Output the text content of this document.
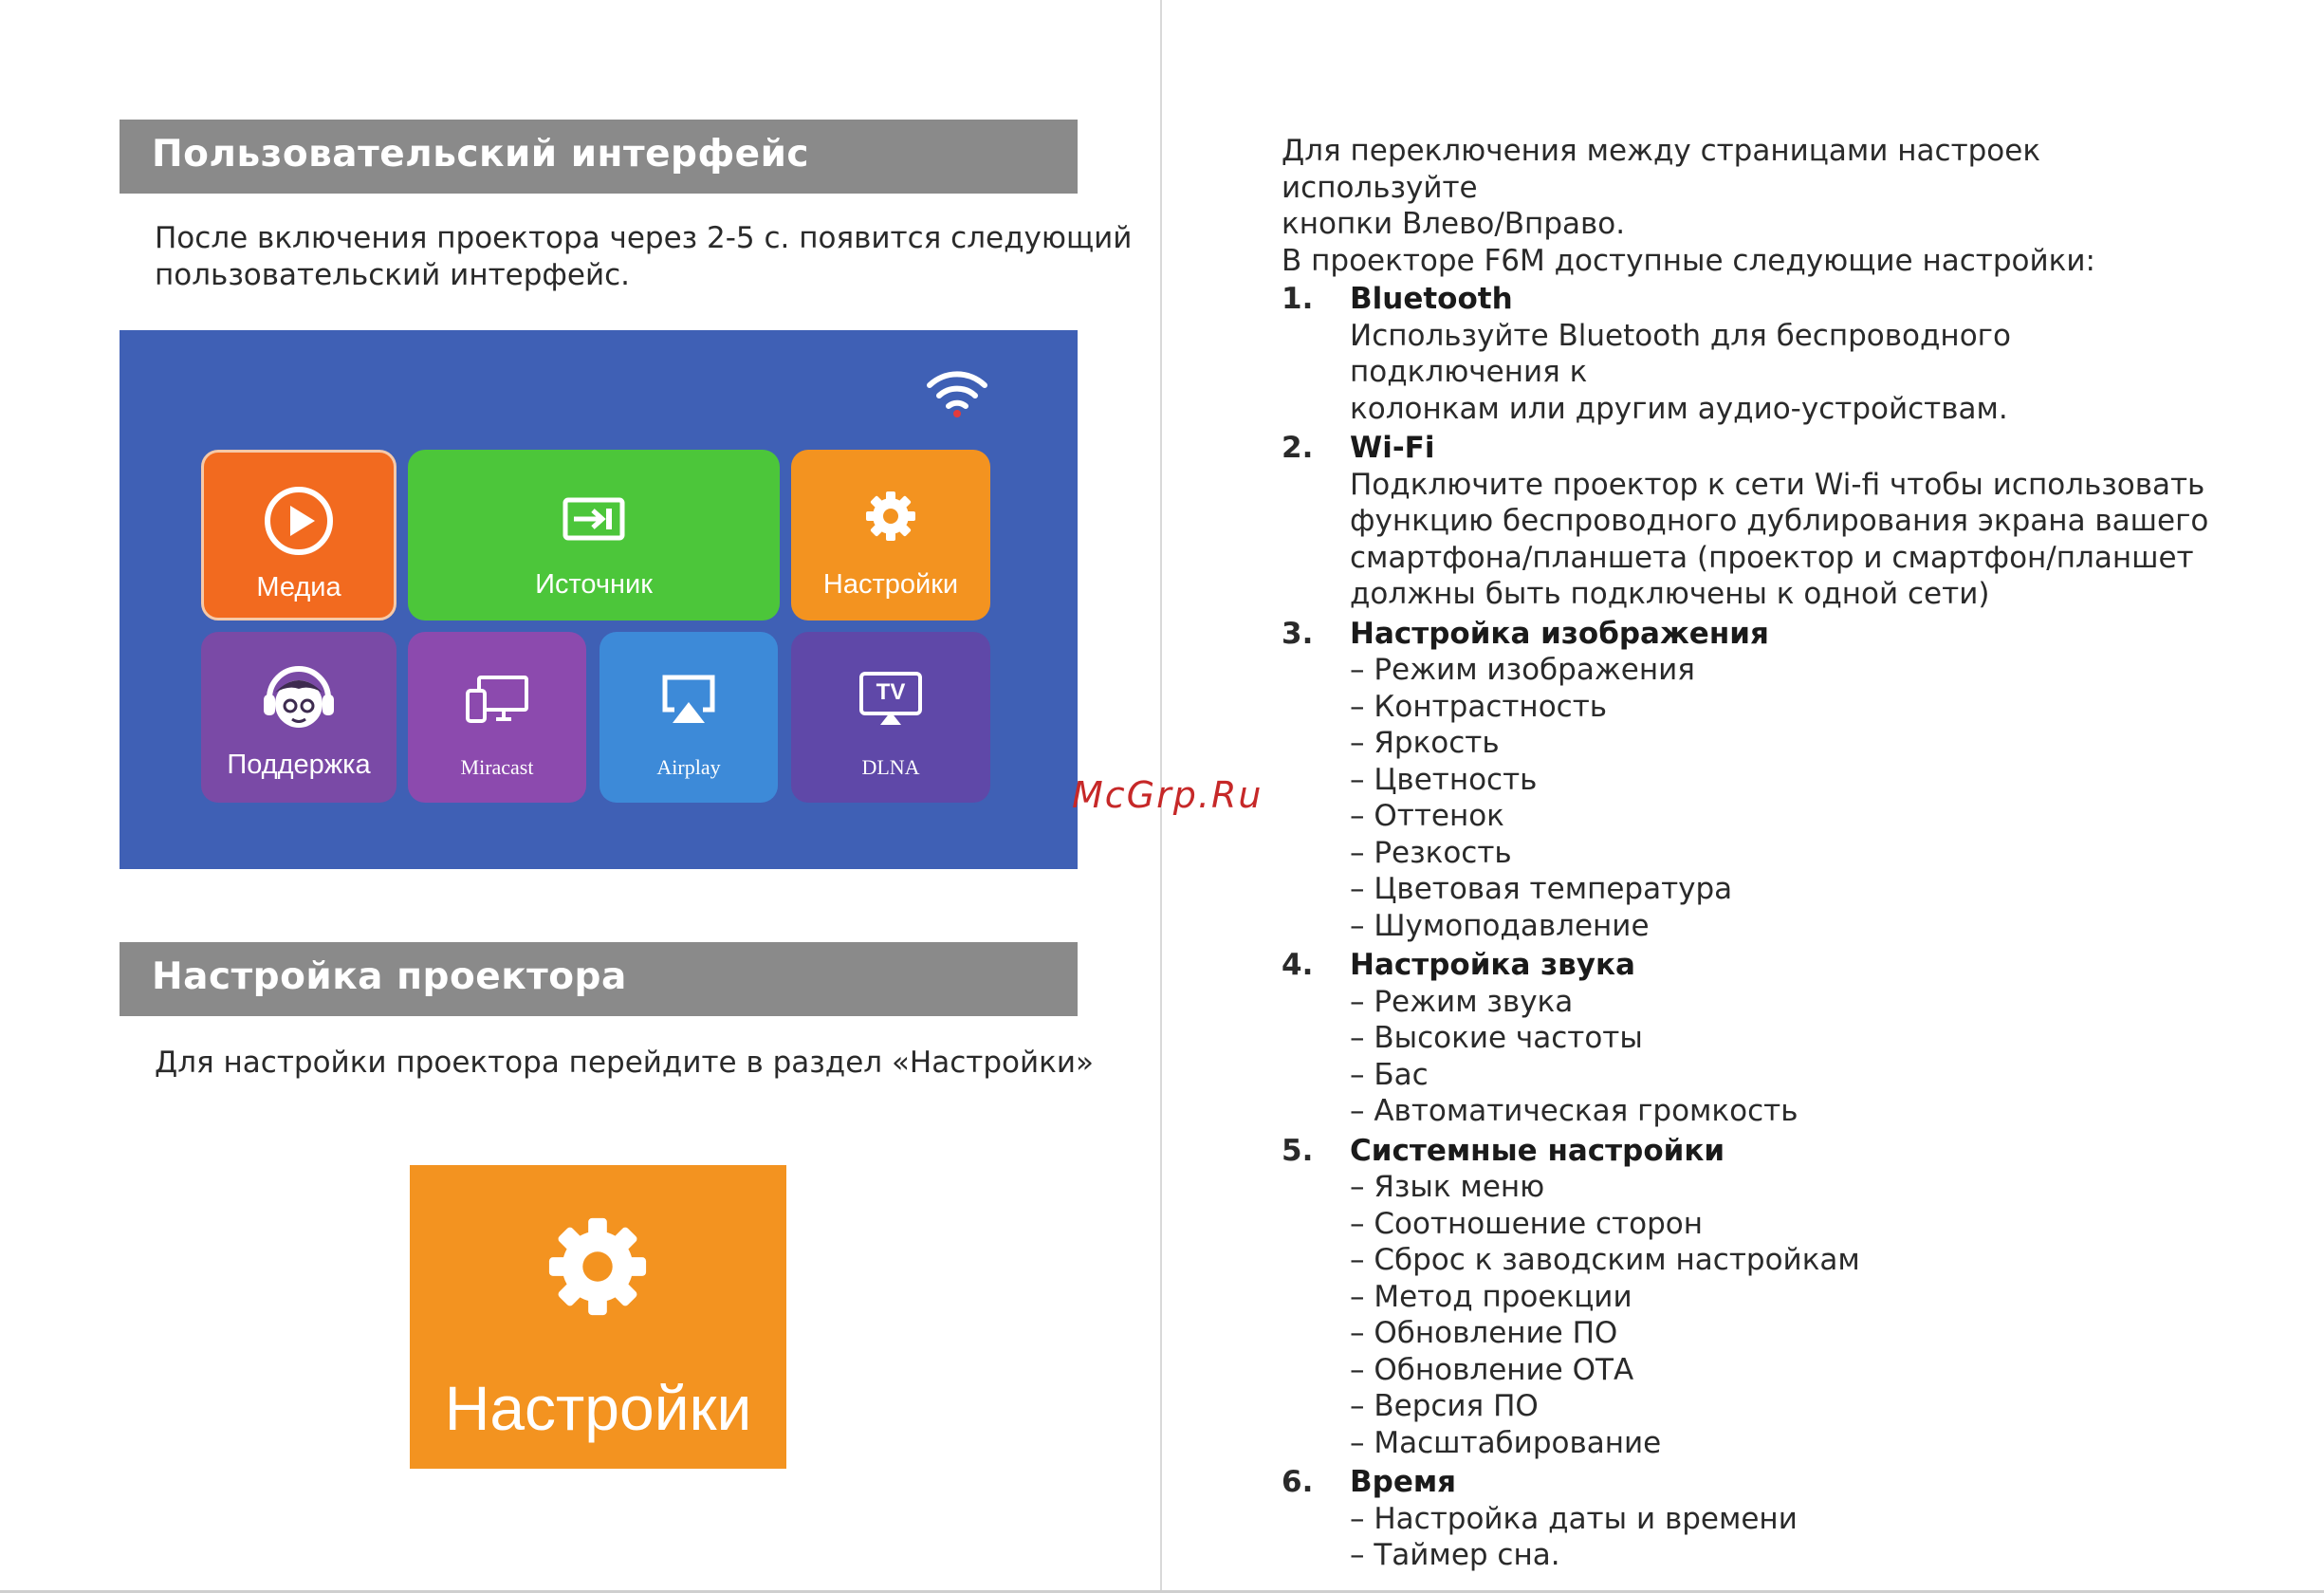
Пользовательский интерфейс

После включения проектора через 2-5 с. появится следующий
пользовательский интерфейс.

Медиа	Источник	Настройки
Поддержка	Miracast	Airplay
TV
DLNA
Настройка проектора

Для настройки проектора перейдите в раздел «Настройки»

Настройки

Для переключения между страницами настроек используйте

кнопки Влево/Вправо.

В проекторе F6M доступные следующие настройки:

1. Bluetooth
Используйте Bluetooth для беспроводного подключения к
колонкам или другим аудио-устройствам.
2. Wi-Fi
Подключите проектор к сети Wi-fi чтобы использовать
функцию беспроводного дублирования экрана вашего
смартфона/планшета (проектор и смартфон/планшет
должны быть подключены к одной сети)
3. Настройка изображения
– Режим изображения
– Контрастность
– Яркость
– Цветность
– Оттенок
– Резкость
– Цветовая температура
– Шумоподавление
4. Настройка звука
– Режим звука
– Высокие частоты
– Бас
– Автоматическая громкость
5. Системные настройки
– Язык меню
– Соотношение сторон
– Сброс к заводским настройкам
– Метод проекции
– Обновление ПО
– Обновление ОТА
– Версия ПО
– Масштабирование
6. Время
– Настройка даты и времени
– Таймер сна.
McGrp.Ru
